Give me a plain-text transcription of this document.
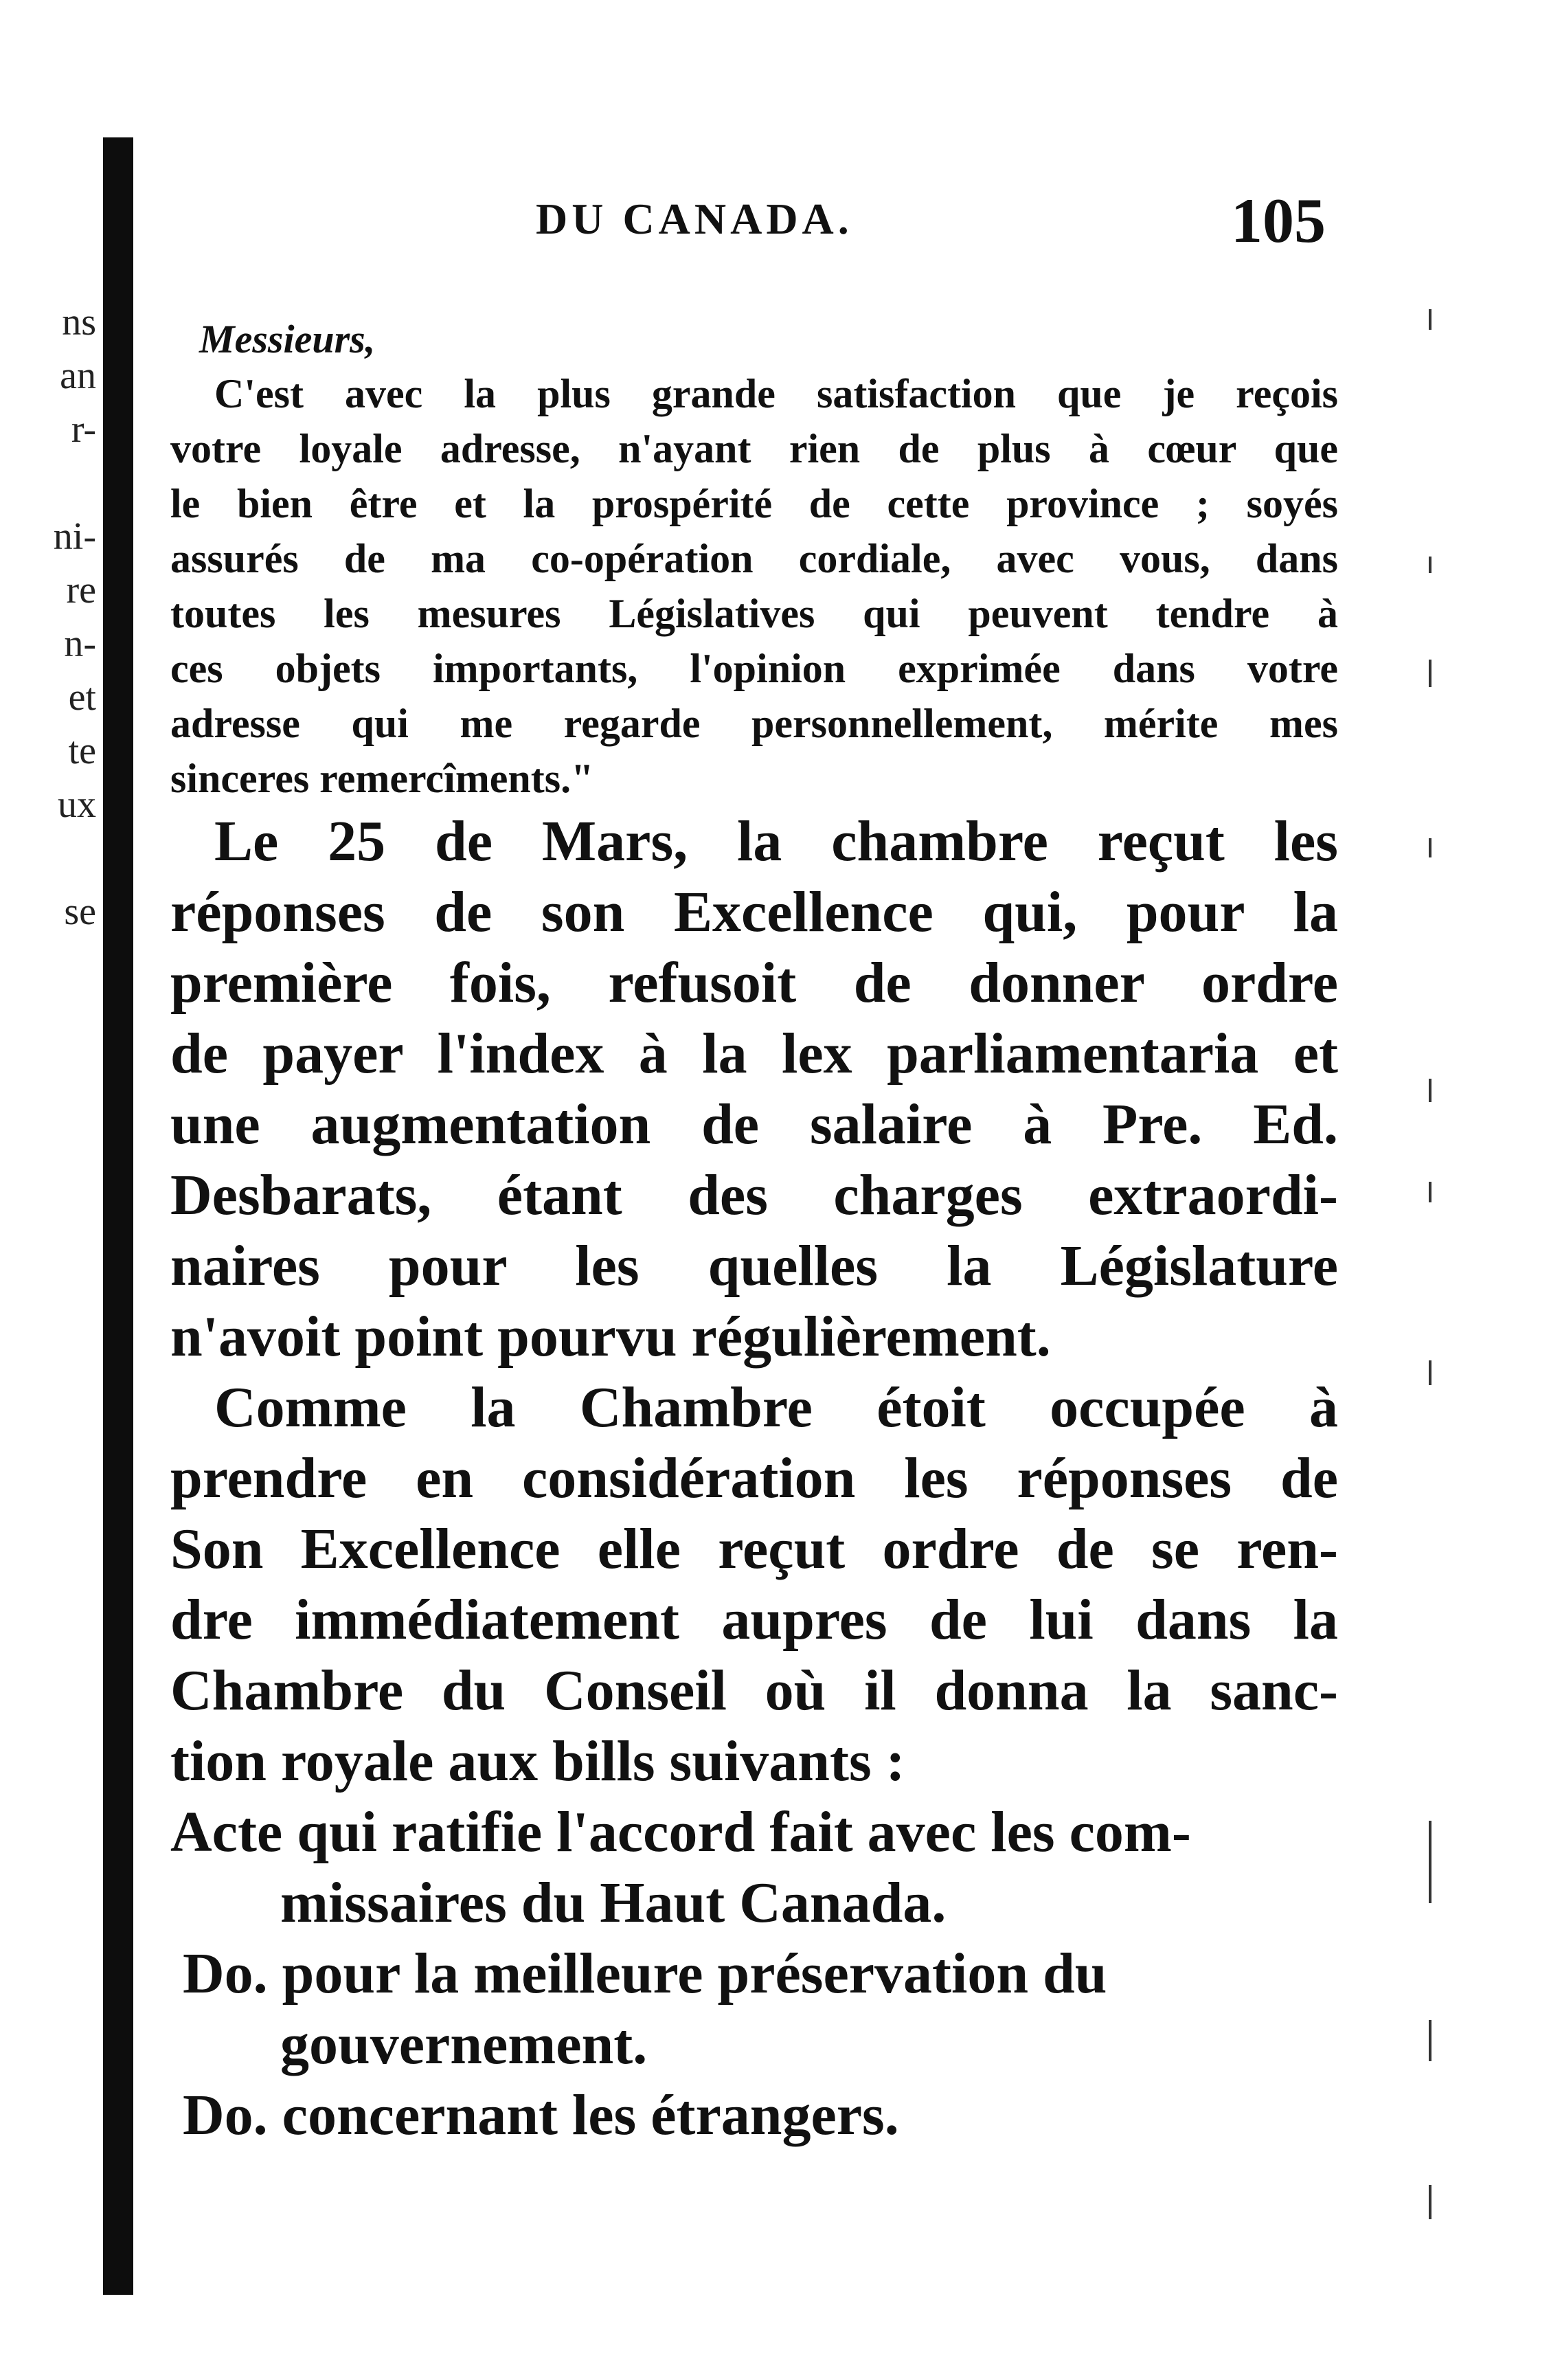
ns
an
r-
ni-
re
n-
et
te
ux
se
DU CANADA.	105
Messieurs,
C'est avec la plus grande satisfaction que je reçois
votre loyale adresse, n'ayant rien de plus à cœur que
le bien être et la prospérité de cette province ; soyés
assurés de ma co-opération cordiale, avec vous, dans
toutes les mesures Législatives qui peuvent tendre à
ces objets importants, l'opinion exprimée dans votre
adresse qui me regarde personnellement, mérite mes
sinceres remercîments."
Le 25 de Mars, la chambre reçut les
réponses de son Excellence qui, pour la
première fois, refusoit de donner ordre
de payer l'index à la lex parliamentaria et
une augmentation de salaire à Pre. Ed.
Desbarats, étant des charges extraordi-
naires pour les quelles la Législature
n'avoit point pourvu régulièrement.
Comme la Chambre étoit occupée à
prendre en considération les réponses de
Son Excellence elle reçut ordre de se ren-
dre immédiatement aupres de lui dans la
Chambre du Conseil où il donna la sanc-
tion royale aux bills suivants :
Acte qui ratifie l'accord fait avec les com-
missaires du Haut Canada.
Do. pour la meilleure préservation du
gouvernement.
Do. concernant les étrangers.
